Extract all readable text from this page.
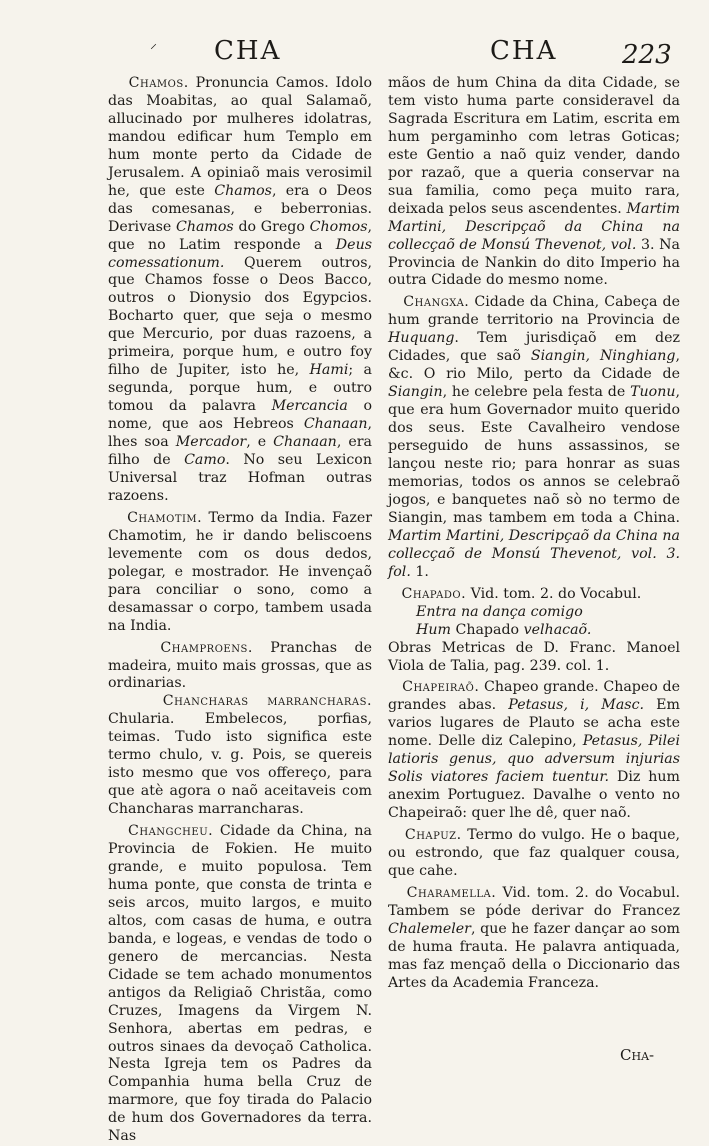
⸝ CHA	CHA 223

Chamos. Pronuncia Camos. Idolo das Moabitas, ao qual Salamaõ, allucinado por mulheres idolatras, mandou edificar hum Templo em hum monte perto da Cidade de Jerusalem. A opiniaõ mais verosimil he, que este Chamos, era o Deos das comesanas, e beberronias. Derivase Chamos do Grego Chomos, que no Latim responde a Deus comessationum. Querem outros, que Chamos fosse o Deos Bacco, outros o Dionysio dos Egypcios. Bocharto quer, que seja o mesmo que Mercurio, por duas razoens, a primeira, porque hum, e outro foy filho de Jupiter, isto he, Hami; a segunda, porque hum, e outro tomou da palavra Mercancia o nome, que aos Hebreos Chanaan, lhes soa Mercador, e Chanaan, era filho de Camo. No seu Lexicon Universal traz Hofman outras razoens.

Chamotim. Termo da India. Fazer Chamotim, he ir dando beliscoens levemente com os dous dedos, polegar, e mostrador. He invençaõ para conciliar o sono, como a desamassar o corpo, tambem usada na India.

Champroens. Pranchas de madeira, muito mais grossas, que as ordinarias.

Chancharas marrancharas. Chularia. Embelecos, porfias, teimas. Tudo isto significa este termo chulo, v. g. Pois, se quereis isto mesmo que vos offereço, para que atè agora o naõ aceitaveis com Chancharas marrancharas.

Changcheu. Cidade da China, na Provincia de Fokien. He muito grande, e muito populosa. Tem huma ponte, que consta de trinta e seis arcos, muito largos, e muito altos, com casas de huma, e outra banda, e logeas, e vendas de todo o genero de mercancias. Nesta Cidade se tem achado monumentos antigos da Religiaõ Christãa, como Cruzes, Imagens da Virgem N. Senhora, abertas em pedras, e outros sinaes da devoçaõ Catholica. Nesta Igreja tem os Padres da Companhia huma bella Cruz de marmore, que foy tirada do Palacio de hum dos Governadores da terra. Nas

mãos de hum China da dita Cidade, se tem visto huma parte consideravel da Sagrada Escritura em Latim, escrita em hum pergaminho com letras Goticas; este Gentio a naõ quiz vender, dando por razaõ, que a queria conservar na sua familia, como peça muito rara, deixada pelos seus ascendentes. Martim Martini, Descripçaõ da China na collecçaõ de Monsú Thevenot, vol. 3. Na Provincia de Nankin do dito Imperio ha outra Cidade do mesmo nome.

Changxa. Cidade da China, Cabeça de hum grande territorio na Provincia de Huquang. Tem jurisdiçaõ em dez Cidades, que saõ Siangin, Ninghiang, &c. O rio Milo, perto da Cidade de Siangin, he celebre pela festa de Tuonu, que era hum Governador muito querido dos seus. Este Cavalheiro vendose perseguido de huns assassinos, se lançou neste rio; para honrar as suas memorias, todos os annos se celebraõ jogos, e banquetes naõ sò no termo de Siangin, mas tambem em toda a China. Martim Martini, Descripçaõ da China na collecçaõ de Monsú Thevenot, vol. 3. fol. 1.

Chapado. Vid. tom. 2. do Vocabul.

Entra na dança comigo

Hum Chapado velhacaõ.

Obras Metricas de D. Franc. Manoel Viola de Talia, pag. 239. col. 1.

Chapeiraõ. Chapeo grande. Chapeo de grandes abas. Petasus, i, Masc. Em varios lugares de Plauto se acha este nome. Delle diz Calepino, Petasus, Pilei latioris genus, quo adversum injurias Solis viatores faciem tuentur. Diz hum anexim Portuguez. Davalhe o vento no Chapeiraõ: quer lhe dê, quer naõ.

Chapuz. Termo do vulgo. He o baque, ou estrondo, que faz qualquer cousa, que cahe.

Charamella. Vid. tom. 2. do Vocabul. Tambem se póde derivar do Francez Chalemeler, que he fazer dançar ao som de huma frauta. He palavra antiquada, mas faz mençaõ della o Diccionario das Artes da Academia Franceza.

Cha-
